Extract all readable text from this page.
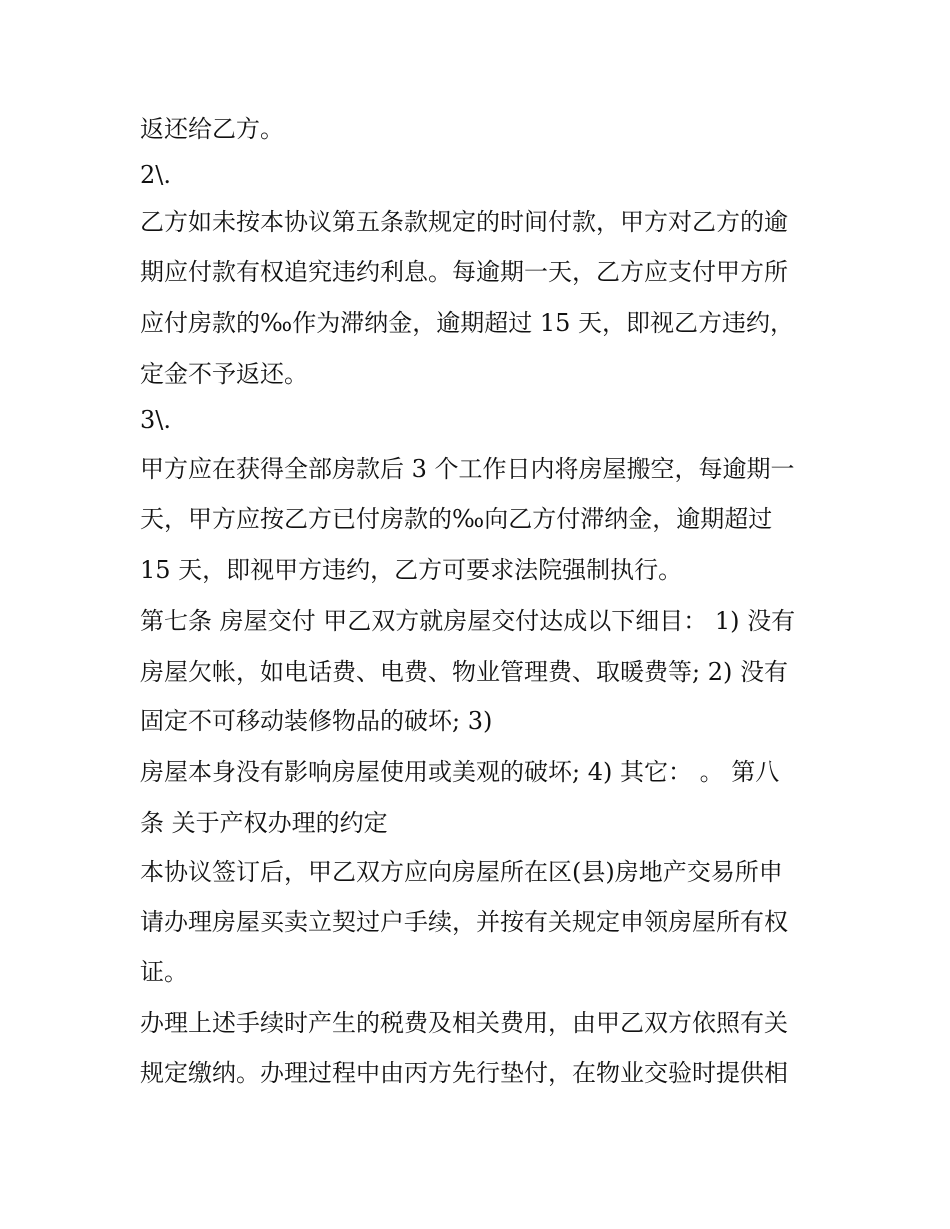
返还给乙方。

2\.

乙方如未按本协议第五条款规定的时间付款，甲方对乙方的逾

期应付款有权追究违约利息。每逾期一天，乙方应支付甲方所

应付房款的‰作为滞纳金，逾期超过 15 天，即视乙方违约，

定金不予返还。

3\.

甲方应在获得全部房款后 3 个工作日内将房屋搬空，每逾期一

天，甲方应按乙方已付房款的‰向乙方付滞纳金，逾期超过

15 天，即视甲方违约，乙方可要求法院强制执行。

第七条 房屋交付 甲乙双方就房屋交付达成以下细目： 1) 没有

房屋欠帐，如电话费、电费、物业管理费、取暖费等; 2) 没有

固定不可移动装修物品的破坏; 3)

房屋本身没有影响房屋使用或美观的破坏; 4) 其它： 。 第八

条 关于产权办理的约定

本协议签订后，甲乙双方应向房屋所在区(县)房地产交易所申

请办理房屋买卖立契过户手续，并按有关规定申领房屋所有权

证。

办理上述手续时产生的税费及相关费用，由甲乙双方依照有关

规定缴纳。办理过程中由丙方先行垫付，在物业交验时提供相
